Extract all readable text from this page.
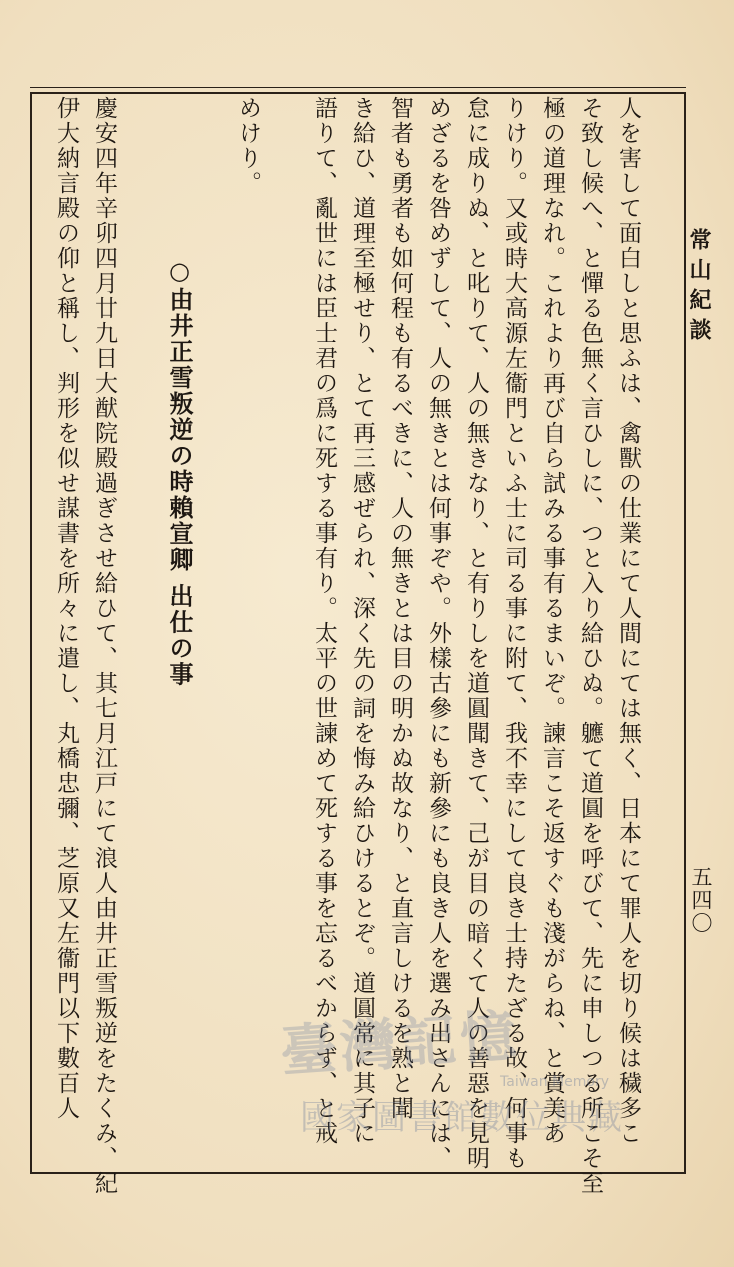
常山紀談
五四〇
人を害して面白しと思ふは、禽獸の仕業にて人間にては無く、日本にて罪人を切り候は穢多こ
そ致し候へ、と憚る色無く言ひしに、つと入り給ひぬ。軈て道圓を呼びて、先に申しつる所こそ至
極の道理なれ。これより再び自ら試みる事有るまいぞ。諫言こそ返すぐも淺がらね、と賞美あ
りけり。又或時大高源左衞門といふ士に司る事に附て、我不幸にして良き士持たざる故、何事も
怠に成りぬ、と叱りて、人の無きなり、と有りしを道圓聞きて、己が目の暗くて人の善惡を見明
めざるを咎めずして、人の無きとは何事ぞや。外樣古參にも新參にも良き人を選み出さんには、
智者も勇者も如何程も有るべきに、人の無きとは目の明かぬ故なり、と直言しけるを熟と聞
き給ひ、道理至極せり、とて再三感ぜられ、深く先の詞を悔み給ひけるとぞ。道圓常に其子に
語りて、亂世には臣士君の爲に死する事有り。太平の世諫めて死する事を忘るべからず、と戒
めけり。
○由井正雪叛逆の時賴宣卿 出仕の事
慶安四年辛卯四月廿九日大猷院殿過ぎさせ給ひて、其七月江戸にて浪人由井正雪叛逆をたくみ、紀
伊大納言殿の仰と稱し、判形を似せ謀書を所々に遣し、丸橋忠彌、芝原又左衞門以下數百人	臺灣記憶
Taiwan Memory
國家圖書館數位典藏
